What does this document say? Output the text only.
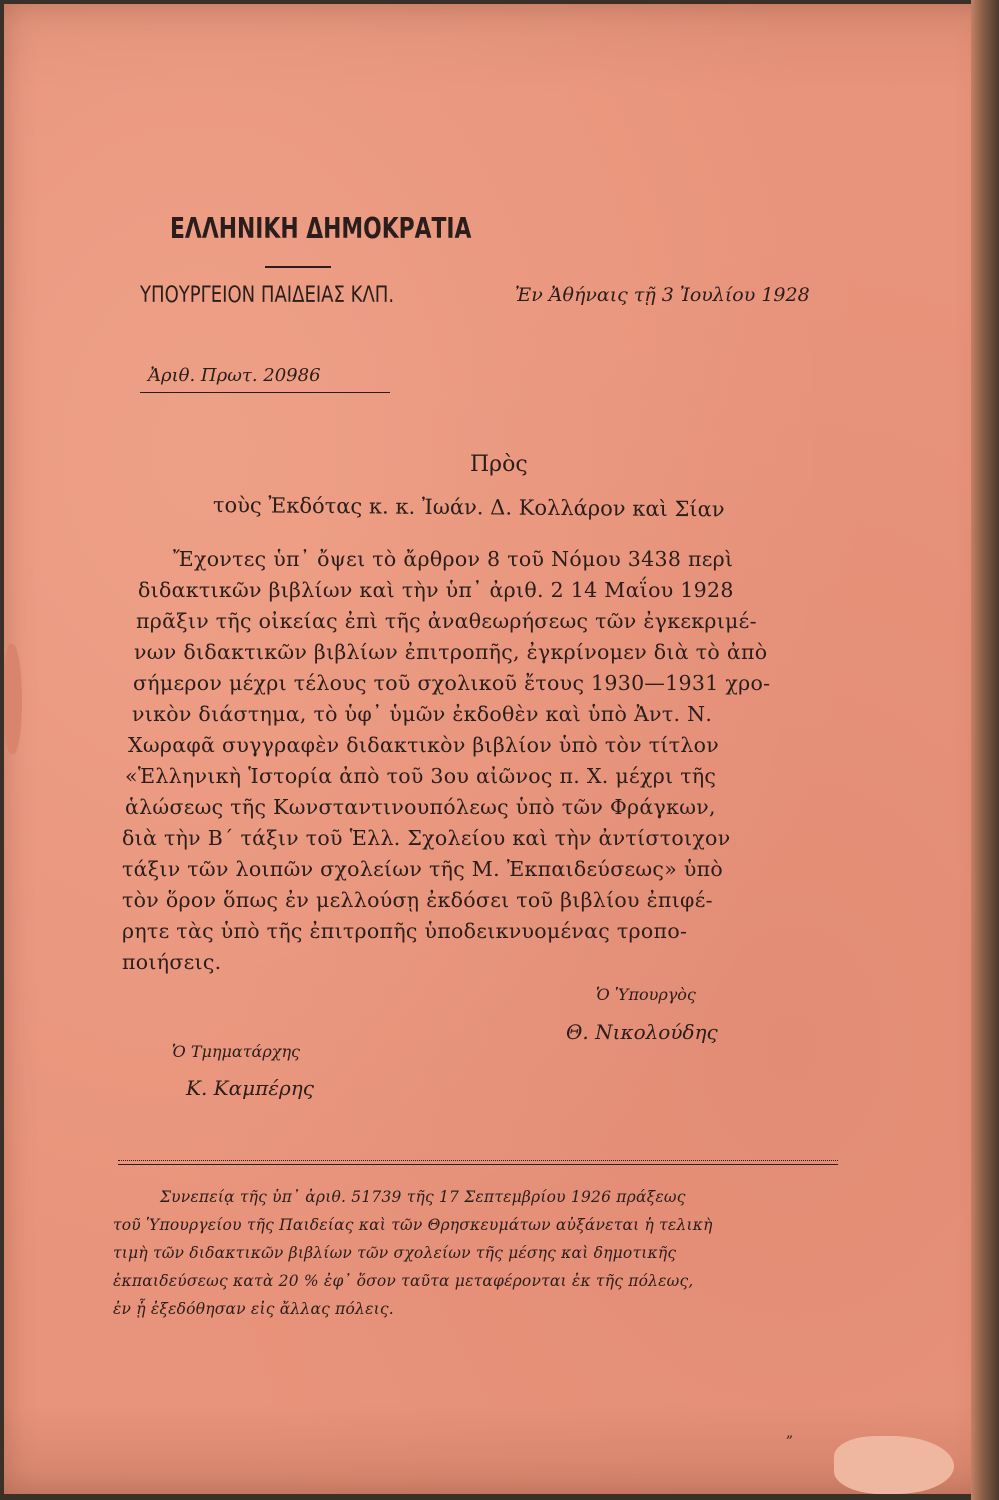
ΕΛΛΗΝΙΚΗ ΔΗΜΟΚΡΑΤΙΑ
ΥΠΟΥΡΓΕΙΟΝ ΠΑΙΔΕΙΑΣ ΚΛΠ.	Ἐν Ἀθήναις τῇ 3 Ἰουλίου 1928
Ἀριθ. Πρωτ. 20986
Πρὸς
τοὺς Ἐκδότας κ. κ. Ἰωάν. Δ. Κολλάρον καὶ Σίαν
Ἔχοντες ὑπ᾿ ὄψει τὸ ἄρθρον 8 τοῦ Νόμου 3438 περὶ
διδακτικῶν βιβλίων καὶ τὴν ὑπ᾿ ἀριθ. 2 14 Μαΐου 1928
πρᾶξιν τῆς οἰκείας ἐπὶ τῆς ἀναθεωρήσεως τῶν ἐγκεκριμέ-
νων διδακτικῶν βιβλίων ἐπιτροπῆς, ἐγκρίνομεν διὰ τὸ ἀπὸ
σήμερον μέχρι τέλους τοῦ σχολικοῦ ἔτους 1930—1931 χρο-
νικὸν διάστημα, τὸ ὑφ᾿ ὑμῶν ἐκδοθὲν καὶ ὑπὸ Ἀντ. Ν.
Χωραφᾶ συγγραφὲν διδακτικὸν βιβλίον ὑπὸ τὸν τίτλον
«Ἑλληνικὴ Ἱστορία ἀπὸ τοῦ 3ου αἰῶνος π. Χ. μέχρι τῆς
ἁλώσεως τῆς Κωνσταντινουπόλεως ὑπὸ τῶν Φράγκων,
διὰ τὴν Β΄ τάξιν τοῦ Ἑλλ. Σχολείου καὶ τὴν ἀντίστοιχον
τάξιν τῶν λοιπῶν σχολείων τῆς Μ. Ἐκπαιδεύσεως» ὑπὸ
τὸν ὅρον ὅπως ἐν μελλούσῃ ἐκδόσει τοῦ βιβλίου ἐπιφέ-
ρητε τὰς ὑπὸ τῆς ἐπιτροπῆς ὑποδεικνυομένας τροπο-
ποιήσεις.
Ὁ Ὑπουργὸς
Θ. Νικολούδης
Ὁ Τμηματάρχης
Κ. Καμπέρης
Συνεπείᾳ τῆς ὑπ᾿ ἀριθ. 51739 τῆς 17 Σεπτεμβρίου 1926 πράξεως
τοῦ Ὑπουργείου τῆς Παιδείας καὶ τῶν Θρησκευμάτων αὐξάνεται ἡ τελικὴ
τιμὴ τῶν διδακτικῶν βιβλίων τῶν σχολείων τῆς μέσης καὶ δημοτικῆς
ἐκπαιδεύσεως κατὰ 20 % ἐφ᾿ ὅσον ταῦτα μεταφέρονται ἐκ τῆς πόλεως,
ἐν ᾗ ἐξεδόθησαν εἰς ἄλλας πόλεις.
„
